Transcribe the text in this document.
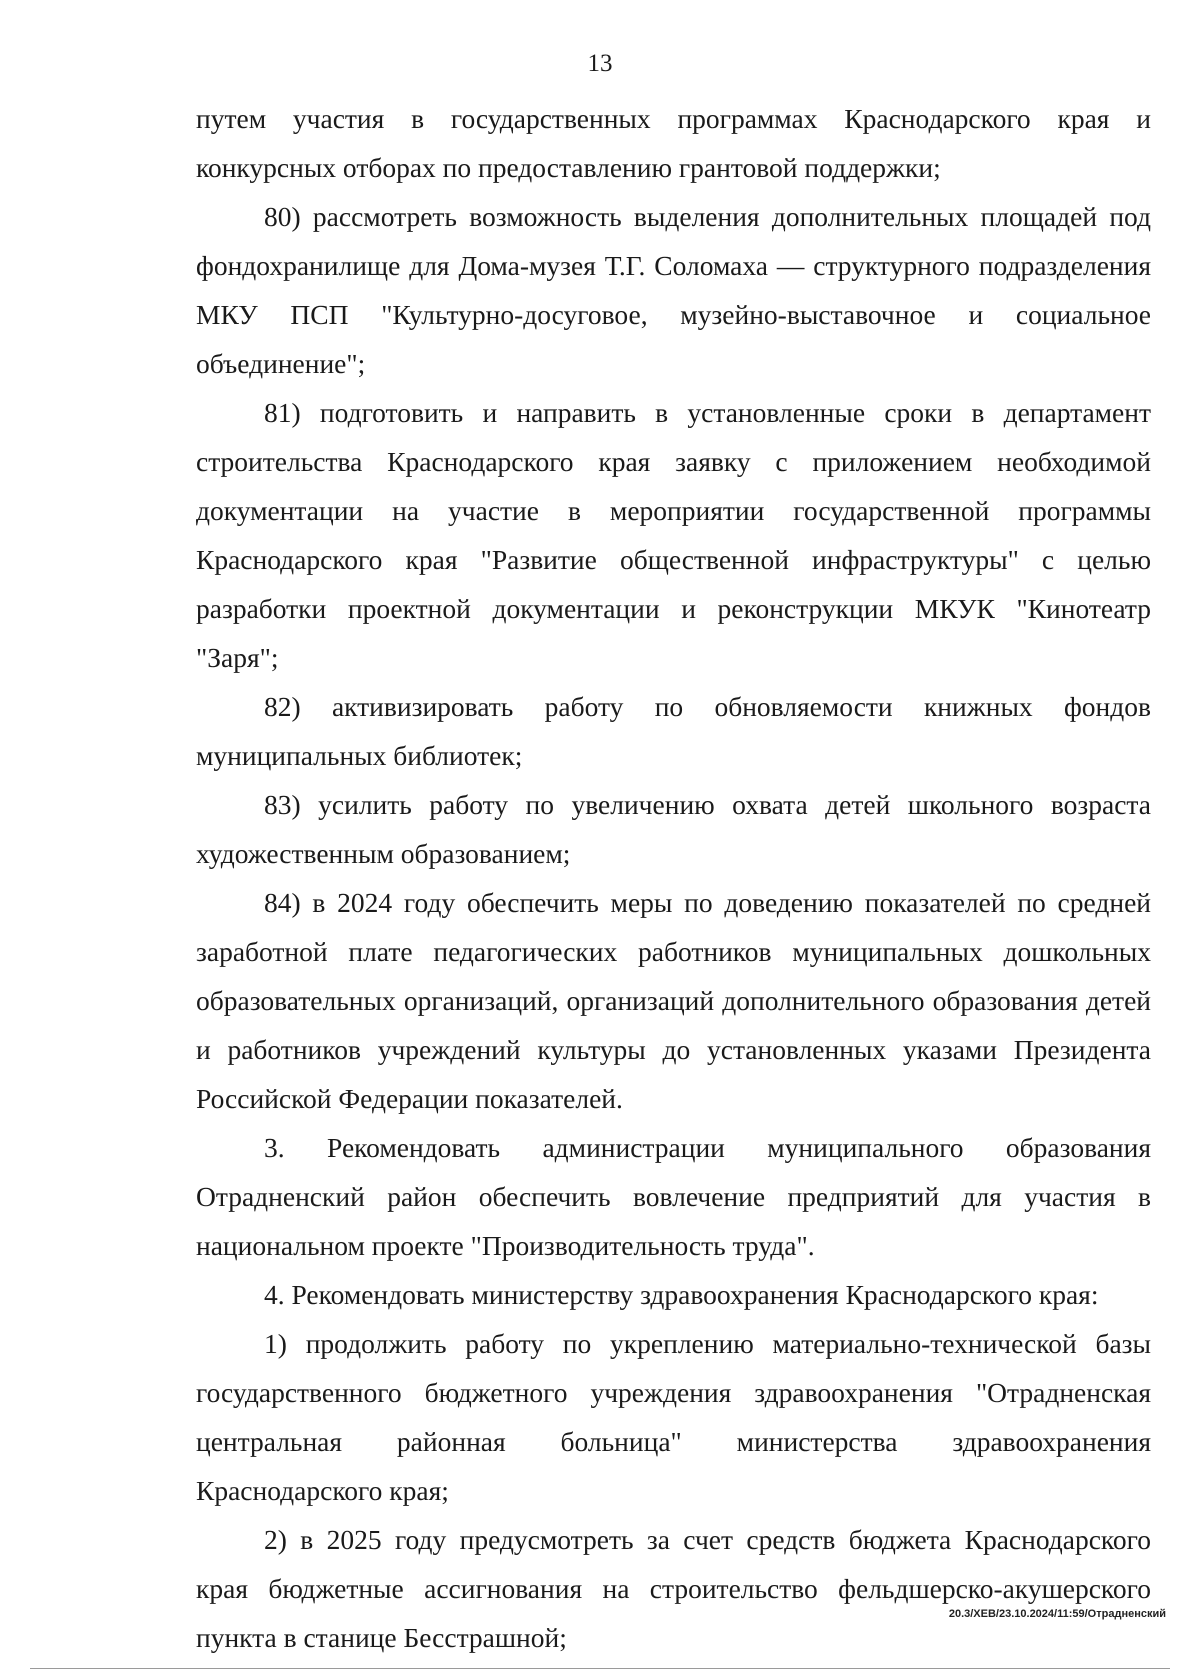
13

путем участия в государственных программах Краснодарского края и конкурсных отборах по предоставлению грантовой поддержки;

80) рассмотреть возможность выделения дополнительных площадей под фондохранилище для Дома-музея Т.Г. Соломаха — структурного подразделения МКУ ПСП "Культурно-досуговое, музейно-выставочное и социальное объединение";

81) подготовить и направить в установленные сроки в департамент строительства Краснодарского края заявку с приложением необходимой документации на участие в мероприятии государственной программы Краснодарского края "Развитие общественной инфраструктуры" с целью разработки проектной документации и реконструкции МКУК "Кинотеатр "Заря";

82) активизировать работу по обновляемости книжных фондов муниципальных библиотек;

83) усилить работу по увеличению охвата детей школьного возраста художественным образованием;

84) в 2024 году обеспечить меры по доведению показателей по средней заработной плате педагогических работников муниципальных дошкольных образовательных организаций, организаций дополнительного образования детей и работников учреждений культуры до установленных указами Президента Российской Федерации показателей.

3. Рекомендовать администрации муниципального образования Отрадненский район обеспечить вовлечение предприятий для участия в национальном проекте "Производительность труда".

4. Рекомендовать министерству здравоохранения Краснодарского края:

1) продолжить работу по укреплению материально-технической базы государственного бюджетного учреждения здравоохранения "Отрадненская центральная районная больница" министерства здравоохранения Краснодарского края;

2) в 2025 году предусмотреть за счет средств бюджета Краснодарского края бюджетные ассигнования на строительство фельдшерско-акушерского пункта в станице Бесстрашной;

20.3/XEB/23.10.2024/11:59/Отрадненский
